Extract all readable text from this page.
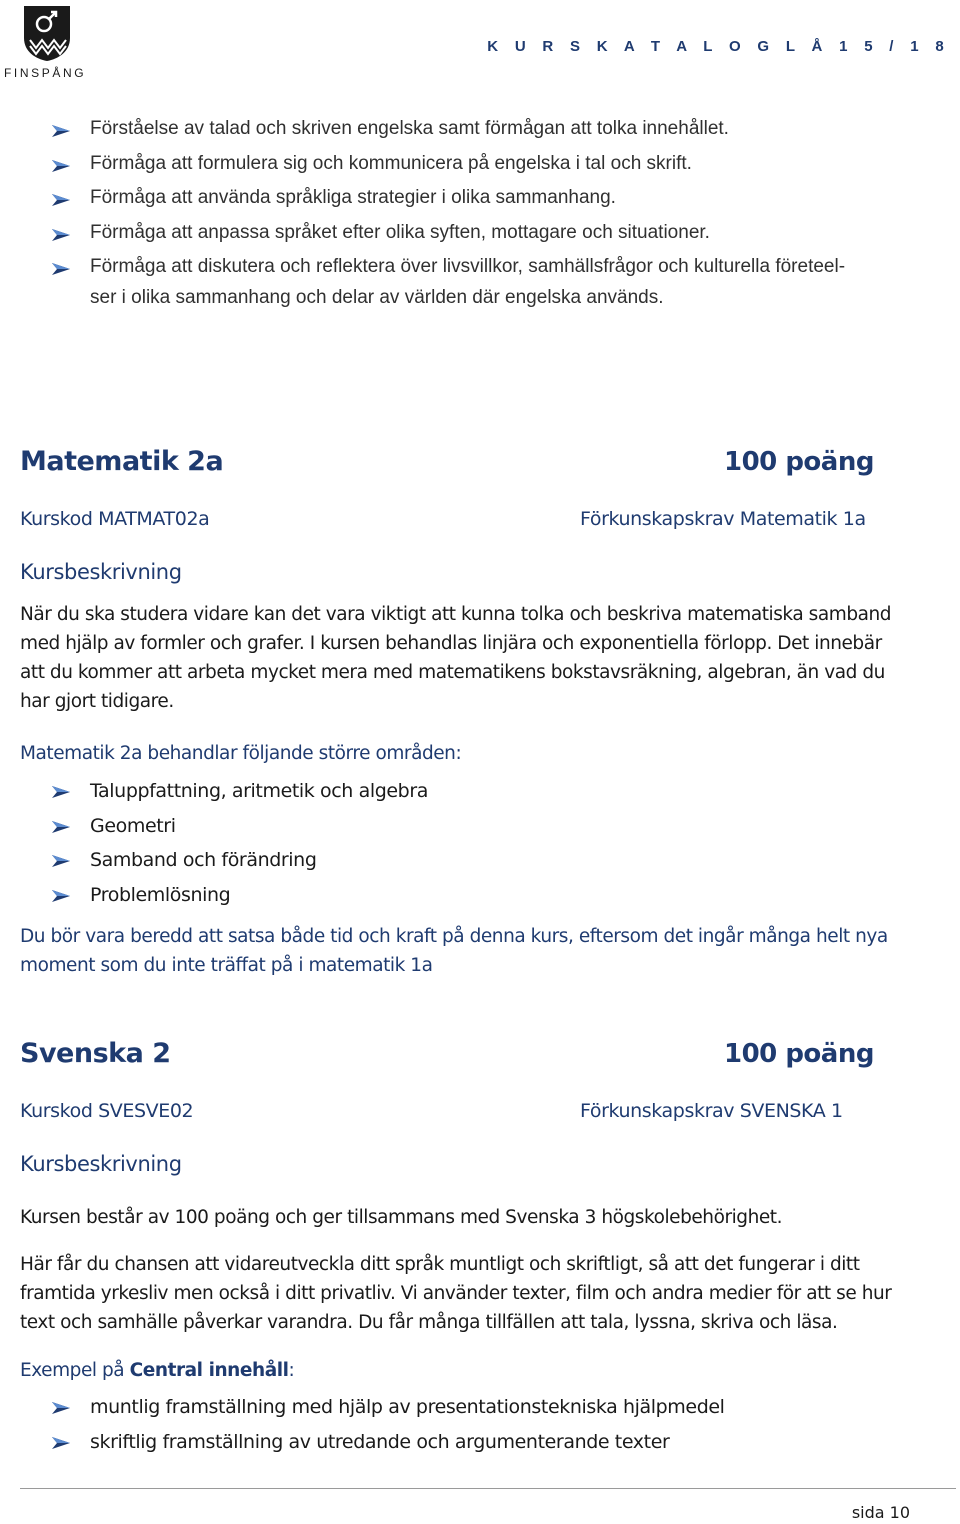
FINSPÅNG
K U R S K A T A L O G L Å 1 5 / 1 8
Förståelse av talad och skriven engelska samt förmågan att tolka innehållet.
Förmåga att formulera sig och kommunicera på engelska i tal och skrift.
Förmåga att använda språkliga strategier i olika sammanhang.
Förmåga att anpassa språket efter olika syften, mottagare och situationer.
Förmåga att diskutera och reflektera över livsvillkor, samhällsfrågor och kulturella företeel-
ser i olika sammanhang och delar av världen där engelska används.
Matematik 2a	100 poäng
Kurskod MATMAT02a	Förkunskapskrav Matematik 1a
Kursbeskrivning

När du ska studera vidare kan det vara viktigt att kunna tolka och beskriva matematiska samband
med hjälp av formler och grafer. I kursen behandlas linjära och exponentiella förlopp. Det innebär
att du kommer att arbeta mycket mera med matematikens bokstavsräkning, algebran, än vad du
har gjort tidigare.

Matematik 2a behandlar följande större områden:

Taluppfattning, aritmetik och algebra
Geometri
Samband och förändring
Problemlösning

Du bör vara beredd att satsa både tid och kraft på denna kurs, eftersom det ingår många helt nya
moment som du inte träffat på i matematik 1a

Svenska 2	100 poäng
Kurskod SVESVE02	Förkunskapskrav SVENSKA 1
Kursbeskrivning

Kursen består av 100 poäng och ger tillsammans med Svenska 3 högskolebehörighet.

Här får du chansen att vidareutveckla ditt språk muntligt och skriftligt, så att det fungerar i ditt
framtida yrkesliv men också i ditt privatliv. Vi använder texter, film och andra medier för att se hur
text och samhälle påverkar varandra. Du får många tillfällen att tala, lyssna, skriva och läsa.

Exempel på Central innehåll:

muntlig framställning med hjälp av presentationstekniska hjälpmedel
skriftlig framställning av utredande och argumenterande texter
sida 10
